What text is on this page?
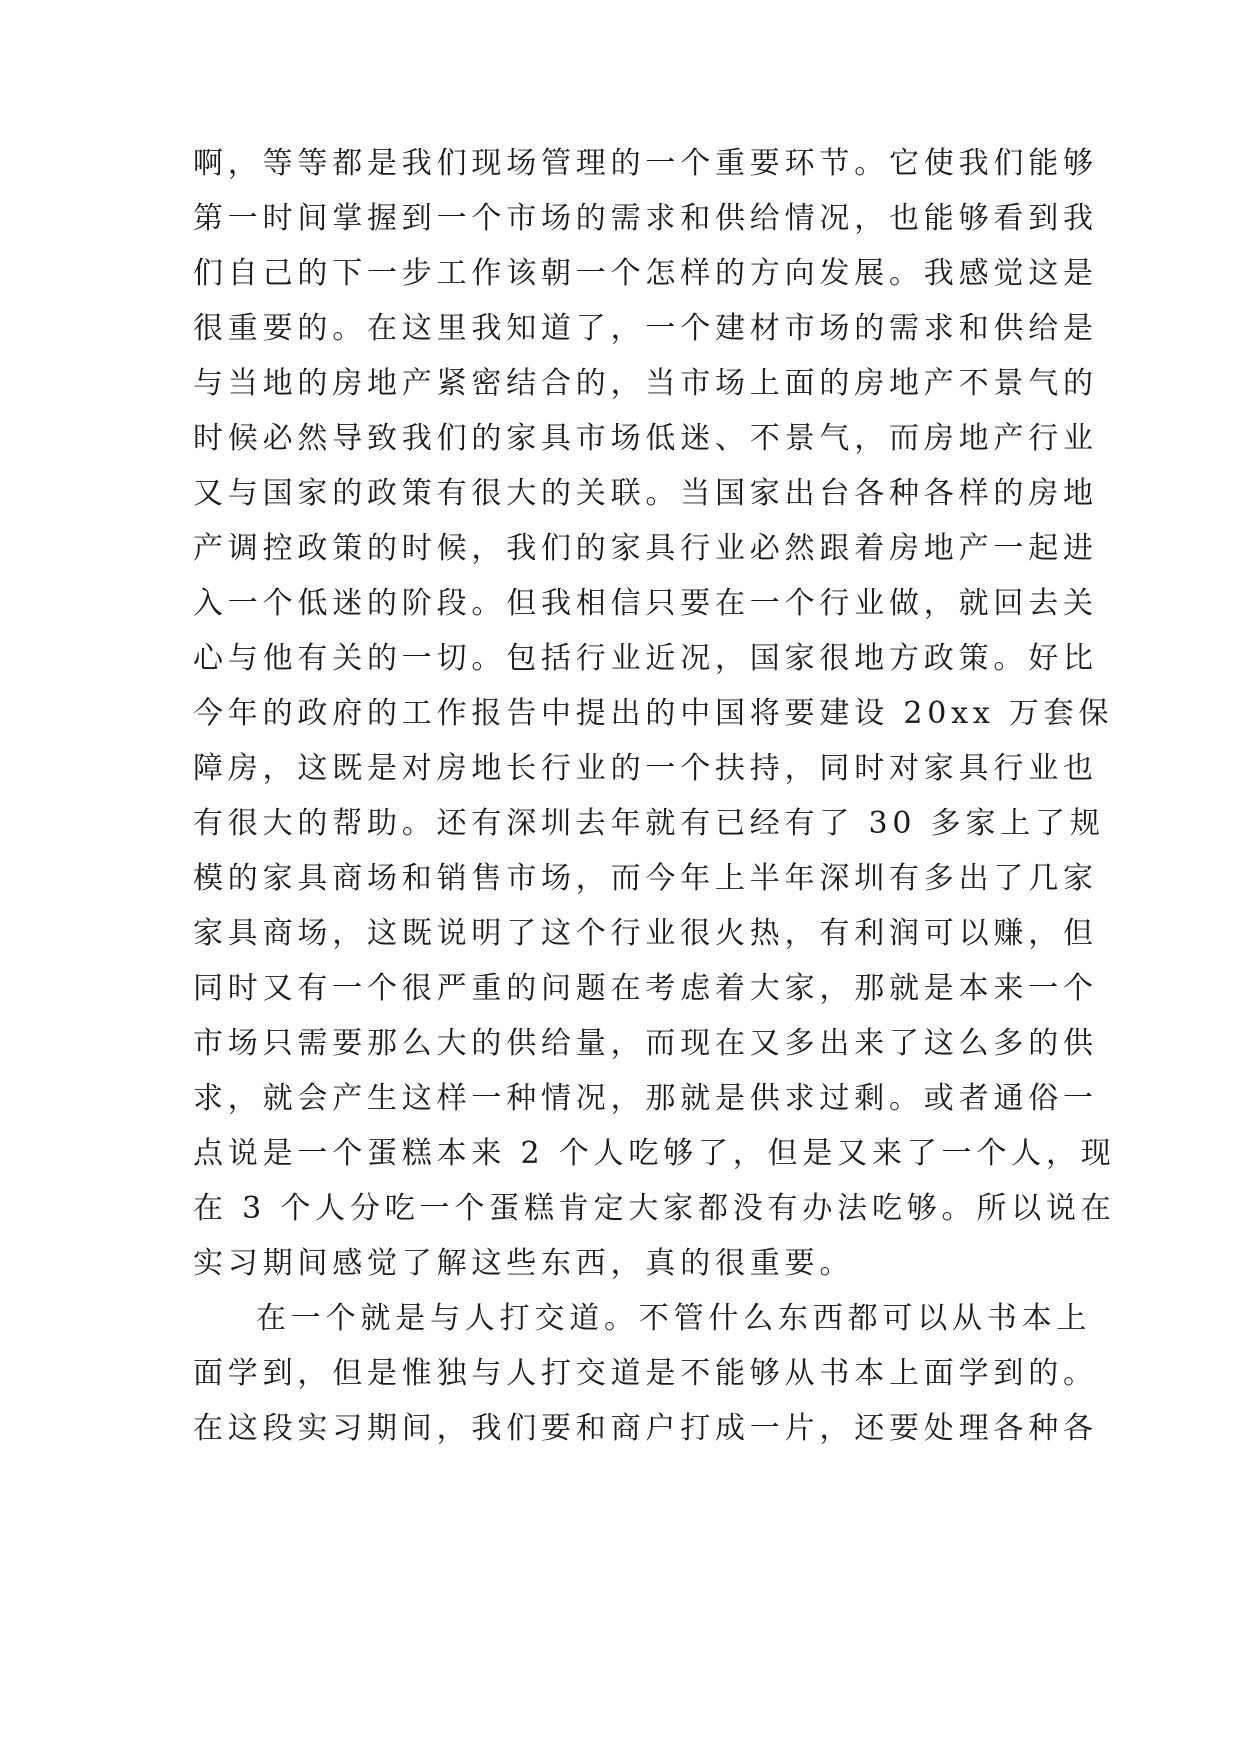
啊，等等都是我们现场管理的一个重要环节。它使我们能够
第一时间掌握到一个市场的需求和供给情况，也能够看到我
们自己的下一步工作该朝一个怎样的方向发展。我感觉这是
很重要的。在这里我知道了，一个建材市场的需求和供给是
与当地的房地产紧密结合的，当市场上面的房地产不景气的
时候必然导致我们的家具市场低迷、不景气，而房地产行业
又与国家的政策有很大的关联。当国家出台各种各样的房地
产调控政策的时候，我们的家具行业必然跟着房地产一起进
入一个低迷的阶段。但我相信只要在一个行业做，就回去关
心与他有关的一切。包括行业近况，国家很地方政策。好比
今年的政府的工作报告中提出的中国将要建设 20xx 万套保
障房，这既是对房地长行业的一个扶持，同时对家具行业也
有很大的帮助。还有深圳去年就有已经有了 30 多家上了规
模的家具商场和销售市场，而今年上半年深圳有多出了几家
家具商场，这既说明了这个行业很火热，有利润可以赚，但
同时又有一个很严重的问题在考虑着大家，那就是本来一个
市场只需要那么大的供给量，而现在又多出来了这么多的供
求，就会产生这样一种情况，那就是供求过剩。或者通俗一
点说是一个蛋糕本来 2 个人吃够了，但是又来了一个人，现
在 3 个人分吃一个蛋糕肯定大家都没有办法吃够。所以说在
实习期间感觉了解这些东西，真的很重要。
在一个就是与人打交道。不管什么东西都可以从书本上
面学到，但是惟独与人打交道是不能够从书本上面学到的。
在这段实习期间，我们要和商户打成一片，还要处理各种各
